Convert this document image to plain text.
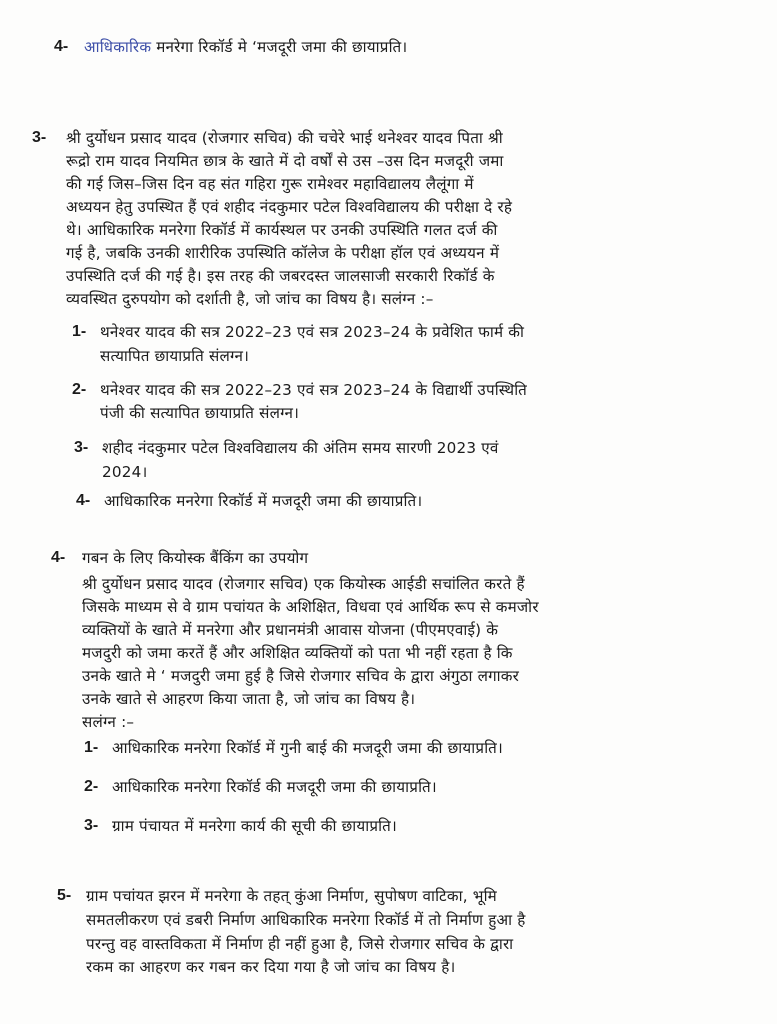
4- आधिकारिक मनरेगा रिकॉर्ड मे ‘मजदूरी जमा की छायाप्रति।
3- श्री दुर्योधन प्रसाद यादव (रोजगार सचिव) की चचेरे भाई थनेश्वर यादव पिता श्री
रूद्रो राम यादव नियमित छात्र के खाते में दो वर्षों से उस –उस दिन मजदूरी जमा
की गई जिस–जिस दिन वह संत गहिरा गुरू रामेश्वर महाविद्यालय लैलूंगा में
अध्ययन हेतु उपस्थित हैं एवं शहीद नंदकुमार पटेल विश्वविद्यालय की परीक्षा दे रहे
थे। आधिकारिक मनरेगा रिकॉर्ड में कार्यस्थल पर उनकी उपस्थिति गलत दर्ज की
गई है, जबकि उनकी शारीरिक उपस्थिति कॉलेज के परीक्षा हॉल एवं अध्ययन में
उपस्थिति दर्ज की गई है। इस तरह की जबरदस्त जालसाजी सरकारी रिकॉर्ड के
व्यवस्थित दुरुपयोग को दर्शाती है, जो जांच का विषय है। सलंग्न :–
1- थनेश्वर यादव की सत्र 2022–23 एवं सत्र 2023–24 के प्रवेशित फार्म की
सत्यापित छायाप्रति संलग्न।
2- थनेश्वर यादव की सत्र 2022–23 एवं सत्र 2023–24 के विद्यार्थी उपस्थिति
पंजी की सत्यापित छायाप्रति संलग्न।
3- शहीद नंदकुमार पटेल विश्वविद्यालय की अंतिम समय सारणी 2023 एवं
2024।
4- आधिकारिक मनरेगा रिकॉर्ड में मजदूरी जमा की छायाप्रति।
4- गबन के लिए कियोस्क बैंकिंग का उपयोग
श्री दुर्योधन प्रसाद यादव (रोजगार सचिव) एक कियोस्क आईडी सचांलित करते हैं
जिसके माध्यम से वे ग्राम पचांयत के अशिक्षित, विधवा एवं आर्थिक रूप से कमजोर
व्यक्तियों के खाते में मनरेगा और प्रधानमंत्री आवास योजना (पीएमएवाई) के
मजदुरी को जमा करतें हैं और अशिक्षित व्यक्तियों को पता भी नहीं रहता है कि
उनके खाते मे ‘ मजदुरी जमा हुई है जिसे रोजगार सचिव के द्वारा अंगुठा लगाकर
उनके खाते से आहरण किया जाता है, जो जांच का विषय है।
सलंग्न :–
1- आधिकारिक मनरेगा रिकॉर्ड में गुनी बाई की मजदूरी जमा की छायाप्रति।
2- आधिकारिक मनरेगा रिकॉर्ड की मजदूरी जमा की छायाप्रति।
3- ग्राम पंचायत में मनरेगा कार्य की सूची की छायाप्रति।
5- ग्राम पचांयत झरन में मनरेगा के तहत् कुंआ निर्माण, सुपोषण वाटिका, भूमि
समतलीकरण एवं डबरी निर्माण आधिकारिक मनरेगा रिकॉर्ड में तो निर्माण हुआ है
परन्तु वह वास्तविकता में निर्माण ही नहीं हुआ है, जिसे रोजगार सचिव के द्वारा
रकम का आहरण कर गबन कर दिया गया है जो जांच का विषय है।
